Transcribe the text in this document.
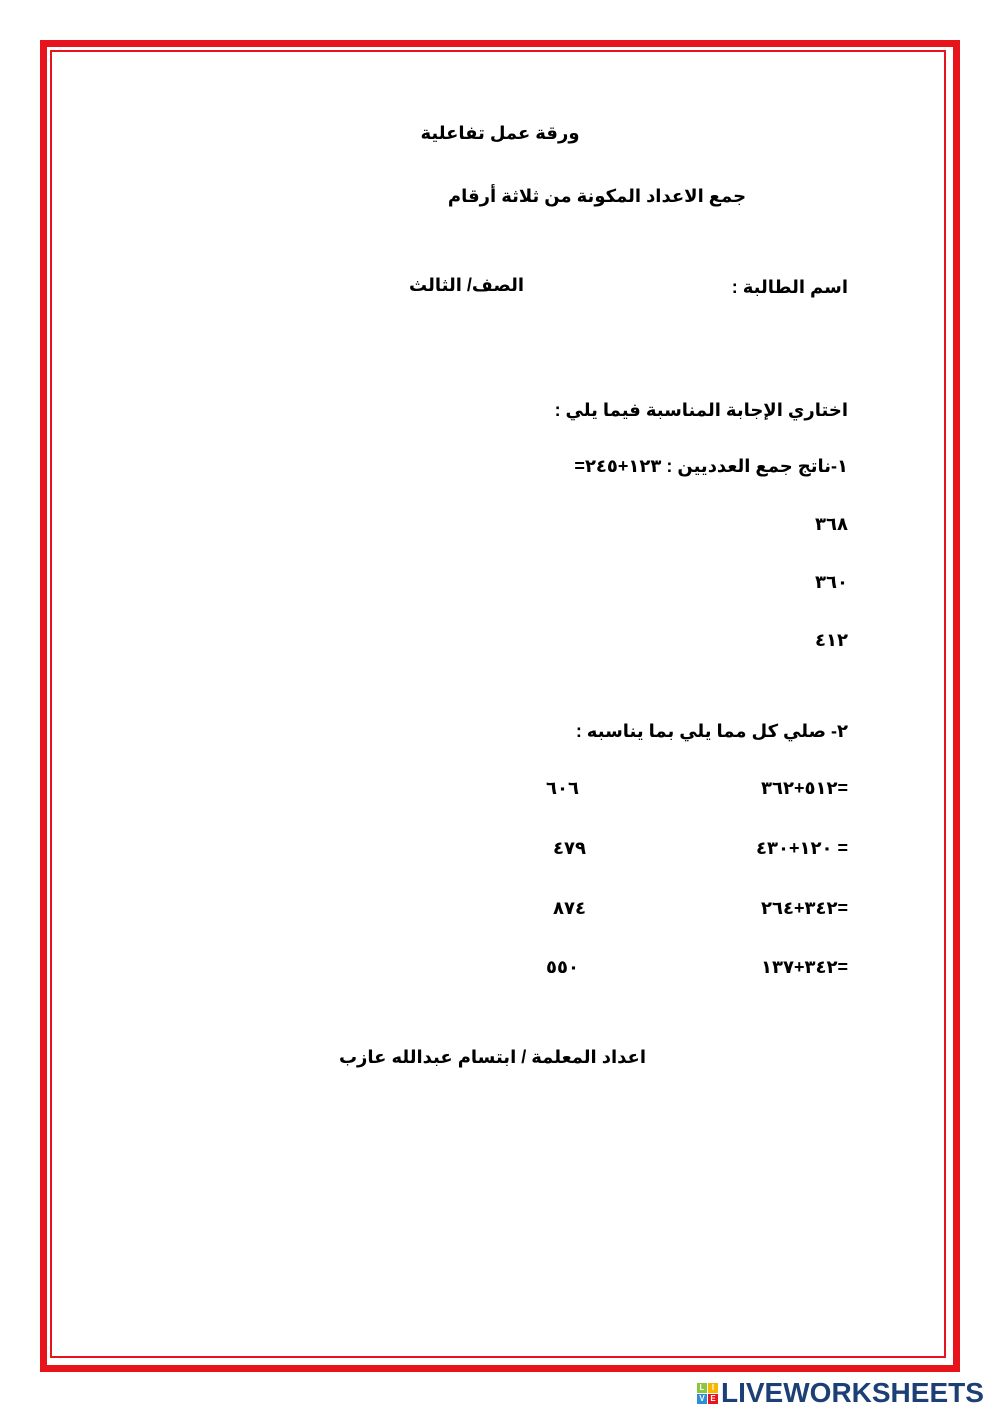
ورقة عمل تفاعلية
جمع الاعداد المكونة من ثلاثة أرقام
اسم الطالبة :
الصف/ الثالث
اختاري الإجابة المناسبة فيما يلي :
١-ناتج جمع العدديين : ١٢٣+٢٤٥=
٣٦٨
٣٦٠
٤١٢
٢- صلي كل مما يلي بما يناسبه :
=٥١٢+٣٦٢
٦٠٦
= ١٢٠+٤٣٠
٤٧٩
=٣٤٢+٢٦٤
٨٧٤
=٣٤٢+١٣٧
٥٥٠
اعداد المعلمة / ابتسام عبدالله عازب
L I
V E LIVEWORKSHEETS
